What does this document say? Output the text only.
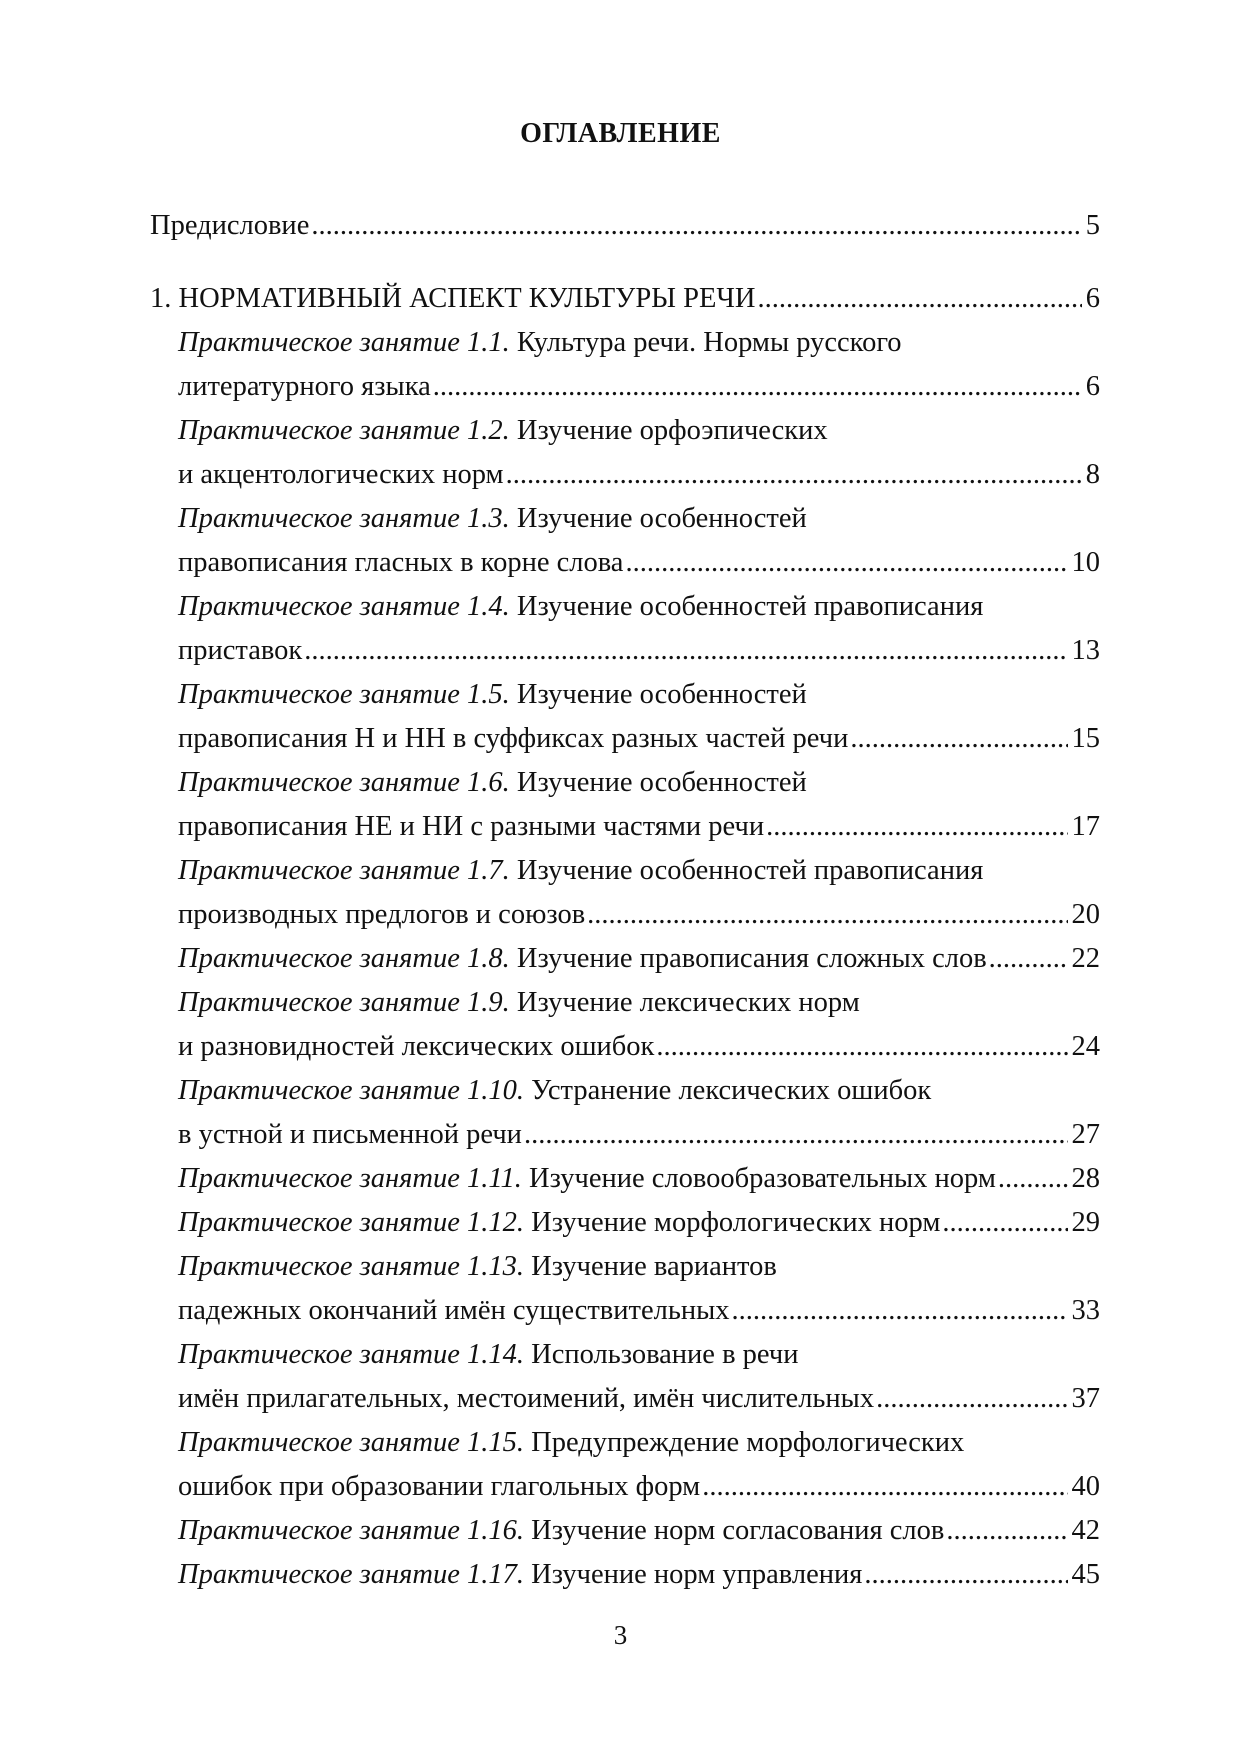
ОГЛАВЛЕНИЕ
Предисловие .....	5
1. НОРМАТИВНЫЙ АСПЕКТ КУЛЬТУРЫ РЕЧИ .....	6
Практическое занятие 1.1. Культура речи. Нормы русского
литературного языка .....	6
Практическое занятие 1.2. Изучение орфоэпических
и акцентологических норм .....	8
Практическое занятие 1.3. Изучение особенностей
правописания гласных в корне слова .....	10
Практическое занятие 1.4. Изучение особенностей правописания
приставок .....	13
Практическое занятие 1.5. Изучение особенностей
правописания Н и НН в суффиксах разных частей речи .....	15
Практическое занятие 1.6. Изучение особенностей
правописания НЕ и НИ с разными частями речи .....	17
Практическое занятие 1.7. Изучение особенностей правописания
производных предлогов и союзов .....	20
Практическое занятие 1.8. Изучение правописания сложных слов .....	22
Практическое занятие 1.9. Изучение лексических норм
и разновидностей лексических ошибок .....	24
Практическое занятие 1.10. Устранение лексических ошибок
в устной и письменной речи .....	27
Практическое занятие 1.11. Изучение словообразовательных норм .....	28
Практическое занятие 1.12. Изучение морфологических норм .....	29
Практическое занятие 1.13. Изучение вариантов
падежных окончаний имён существительных .....	33
Практическое занятие 1.14. Использование в речи
имён прилагательных, местоимений, имён числительных .....	37
Практическое занятие 1.15. Предупреждение морфологических
ошибок при образовании глагольных форм .....	40
Практическое занятие 1.16. Изучение норм согласования слов .....	42
Практическое занятие 1.17. Изучение норм управления .....	45
3
